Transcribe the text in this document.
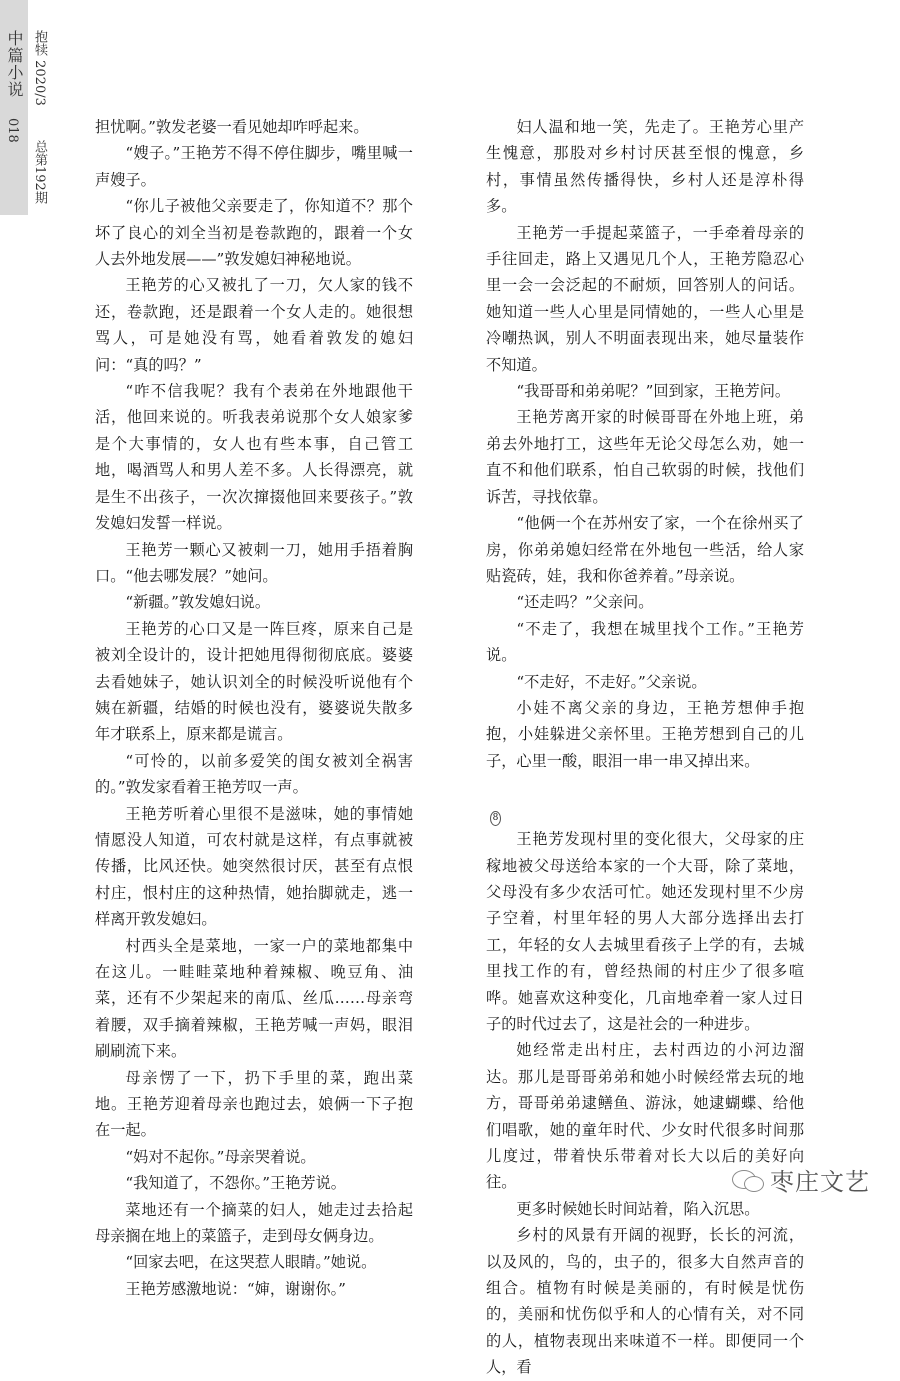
中篇小说
018
抱犊 2020/3
总第192期

担忧啊。”敦发老婆一看见她却咋呼起来。

“嫂子。”王艳芳不得不停住脚步，嘴里喊一声嫂子。

“你儿子被他父亲要走了，你知道不？那个坏了良心的刘全当初是卷款跑的，跟着一个女人去外地发展——”敦发媳妇神秘地说。

王艳芳的心又被扎了一刀，欠人家的钱不还，卷款跑，还是跟着一个女人走的。她很想骂人，可是她没有骂，她看着敦发的媳妇问：“真的吗？”

“咋不信我呢？我有个表弟在外地跟他干活，他回来说的。听我表弟说那个女人娘家爹是个大事情的，女人也有些本事，自己管工地，喝酒骂人和男人差不多。人长得漂亮，就是生不出孩子，一次次撺掇他回来要孩子。”敦发媳妇发誓一样说。

王艳芳一颗心又被刺一刀，她用手捂着胸口。“他去哪发展？”她问。

“新疆。”敦发媳妇说。

王艳芳的心口又是一阵巨疼，原来自己是被刘全设计的，设计把她甩得彻彻底底。婆婆去看她妹子，她认识刘全的时候没听说他有个姨在新疆，结婚的时候也没有，婆婆说失散多年才联系上，原来都是谎言。

“可怜的，以前多爱笑的闺女被刘全祸害的。”敦发家看着王艳芳叹一声。

王艳芳听着心里很不是滋味，她的事情她情愿没人知道，可农村就是这样，有点事就被传播，比风还快。她突然很讨厌，甚至有点恨村庄，恨村庄的这种热情，她抬脚就走，逃一样离开敦发媳妇。

村西头全是菜地，一家一户的菜地都集中在这儿。一畦畦菜地种着辣椒、晚豆角、油菜，还有不少架起来的南瓜、丝瓜……母亲弯着腰，双手摘着辣椒，王艳芳喊一声妈，眼泪刷刷流下来。

母亲愣了一下，扔下手里的菜，跑出菜地。王艳芳迎着母亲也跑过去，娘俩一下子抱在一起。

“妈对不起你。”母亲哭着说。

“我知道了，不怨你。”王艳芳说。

菜地还有一个摘菜的妇人，她走过去拾起母亲搁在地上的菜篮子，走到母女俩身边。

“回家去吧，在这哭惹人眼睛。”她说。

王艳芳感激地说：“婶，谢谢你。”

妇人温和地一笑，先走了。王艳芳心里产生愧意，那股对乡村讨厌甚至恨的愧意，乡村，事情虽然传播得快，乡村人还是淳朴得多。

王艳芳一手提起菜篮子，一手牵着母亲的手往回走，路上又遇见几个人，王艳芳隐忍心里一会一会泛起的不耐烦，回答别人的问话。她知道一些人心里是同情她的，一些人心里是冷嘲热讽，别人不明面表现出来，她尽量装作不知道。

“我哥哥和弟弟呢？”回到家，王艳芳问。

王艳芳离开家的时候哥哥在外地上班，弟弟去外地打工，这些年无论父母怎么劝，她一直不和他们联系，怕自己软弱的时候，找他们诉苦，寻找依靠。

“他俩一个在苏州安了家，一个在徐州买了房，你弟弟媳妇经常在外地包一些活，给人家贴瓷砖，娃，我和你爸养着。”母亲说。

“还走吗？”父亲问。

“不走了，我想在城里找个工作。”王艳芳说。

“不走好，不走好。”父亲说。

小娃不离父亲的身边，王艳芳想伸手抱抱，小娃躲进父亲怀里。王艳芳想到自己的儿子，心里一酸，眼泪一串一串又掉出来。

8

王艳芳发现村里的变化很大，父母家的庄稼地被父母送给本家的一个大哥，除了菜地，父母没有多少农活可忙。她还发现村里不少房子空着，村里年轻的男人大部分选择出去打工，年轻的女人去城里看孩子上学的有，去城里找工作的有，曾经热闹的村庄少了很多喧哗。她喜欢这种变化，几亩地牵着一家人过日子的时代过去了，这是社会的一种进步。

她经常走出村庄，去村西边的小河边溜达。那儿是哥哥弟弟和她小时候经常去玩的地方，哥哥弟弟逮鳝鱼、游泳，她逮蝴蝶、给他们唱歌，她的童年时代、少女时代很多时间那儿度过，带着快乐带着对长大以后的美好向往。

更多时候她长时间站着，陷入沉思。

乡村的风景有开阔的视野，长长的河流，以及风的，鸟的，虫子的，很多大自然声音的组合。植物有时候是美丽的，有时候是忧伤的，美丽和忧伤似乎和人的心情有关，对不同的人，植物表现出来味道不一样。即便同一个人，看

枣庄文艺
